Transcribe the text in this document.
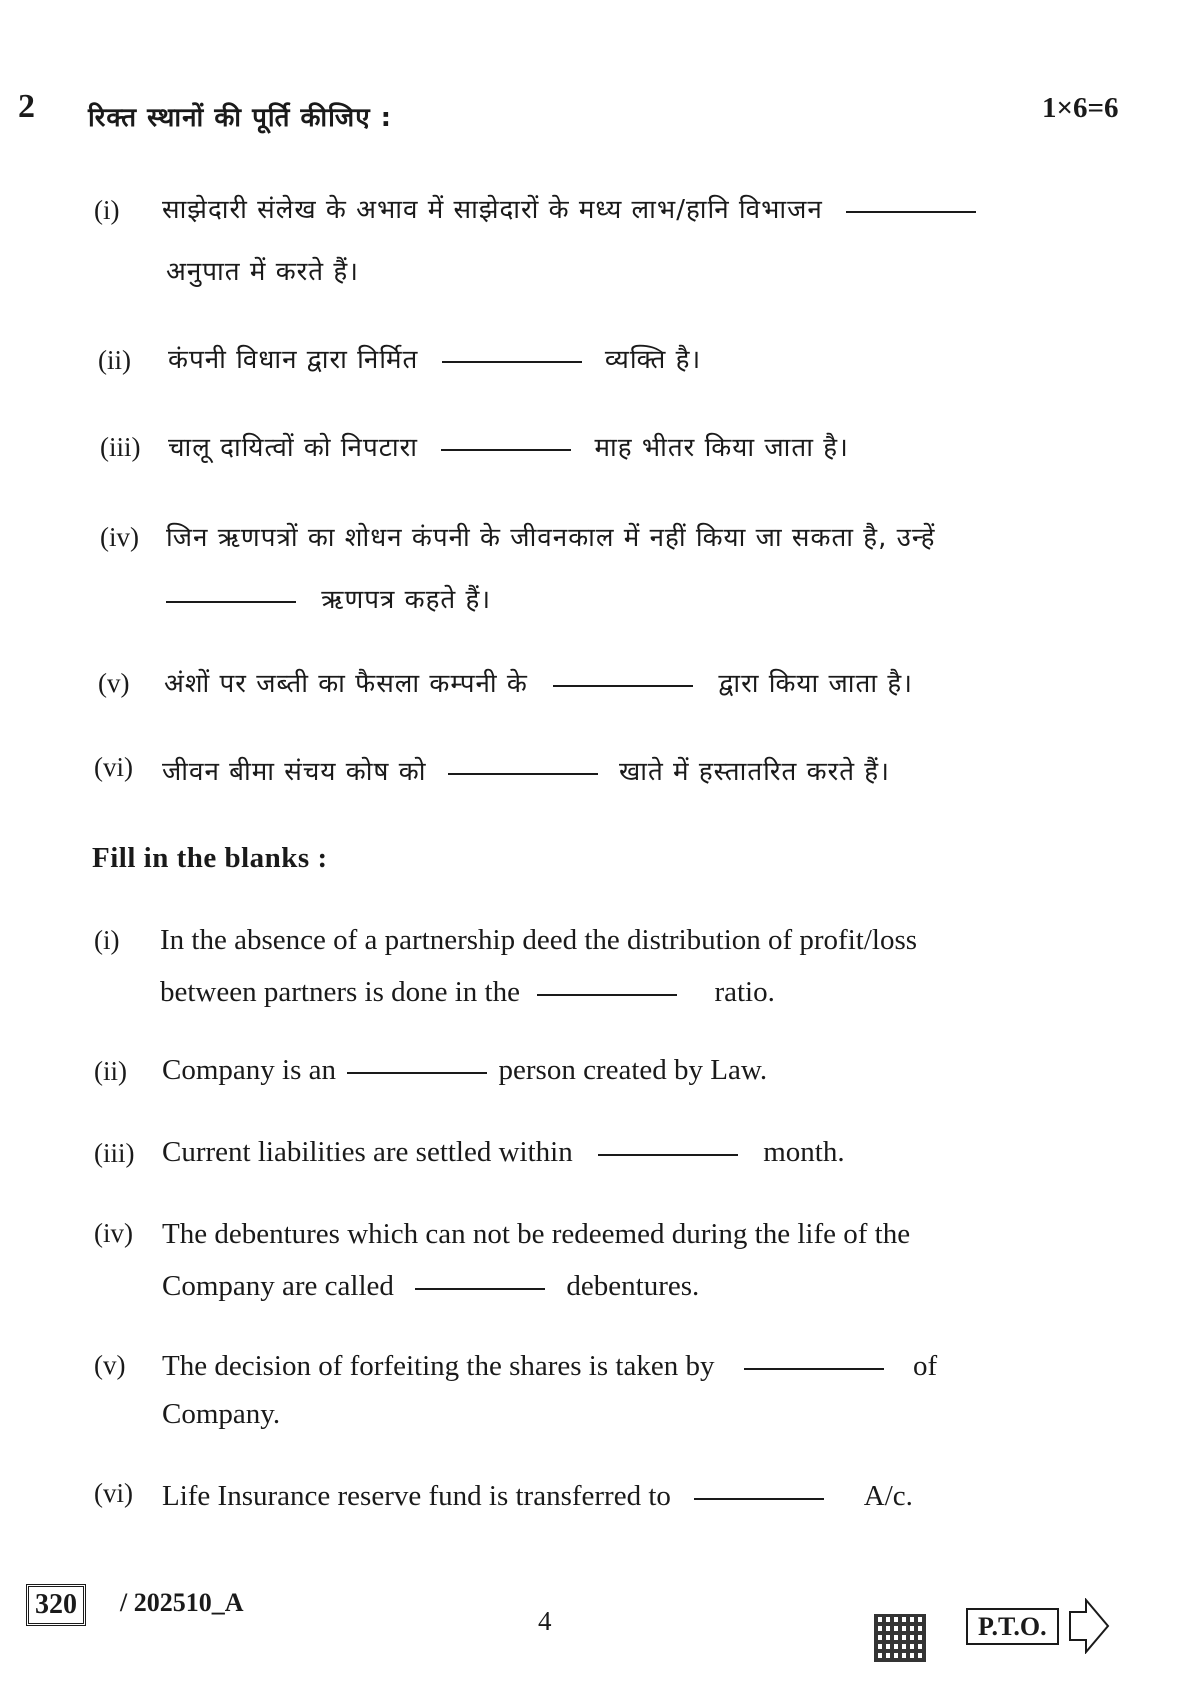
2 रिक्त स्थानों की पूर्ति कीजिए :	1×6=6
(i) साझेदारी संलेख के अभाव में साझेदारों के मध्य लाभ/हानि विभाजन
अनुपात में करते हैं।
(ii) कंपनी विधान द्वारा निर्मित	व्यक्ति है।
(iii) चालू दायित्वों को निपटारा	माह भीतर किया जाता है।
(iv) जिन ऋणपत्रों का शोधन कंपनी के जीवनकाल में नहीं किया जा सकता है, उन्हें
ऋणपत्र कहते हैं।
(v) अंशों पर जब्ती का फैसला कम्पनी के	द्वारा किया जाता है।
(vi) जीवन बीमा संचय कोष को	खाते में हस्तातरित करते हैं।
Fill in the blanks :
(i) In the absence of a partnership deed the distribution of profit/loss
between partners is done in the	ratio.
(ii) Company is an	person created by Law.
(iii) Current liabilities are settled within	month.
(iv) The debentures which can not be redeemed during the life of the
Company are called	debentures.
(v) The decision of forfeiting the shares is taken by	of
Company.
(vi) Life Insurance reserve fund is transferred to	A/c.
320	/ 202510_A
4	P.T.O.
